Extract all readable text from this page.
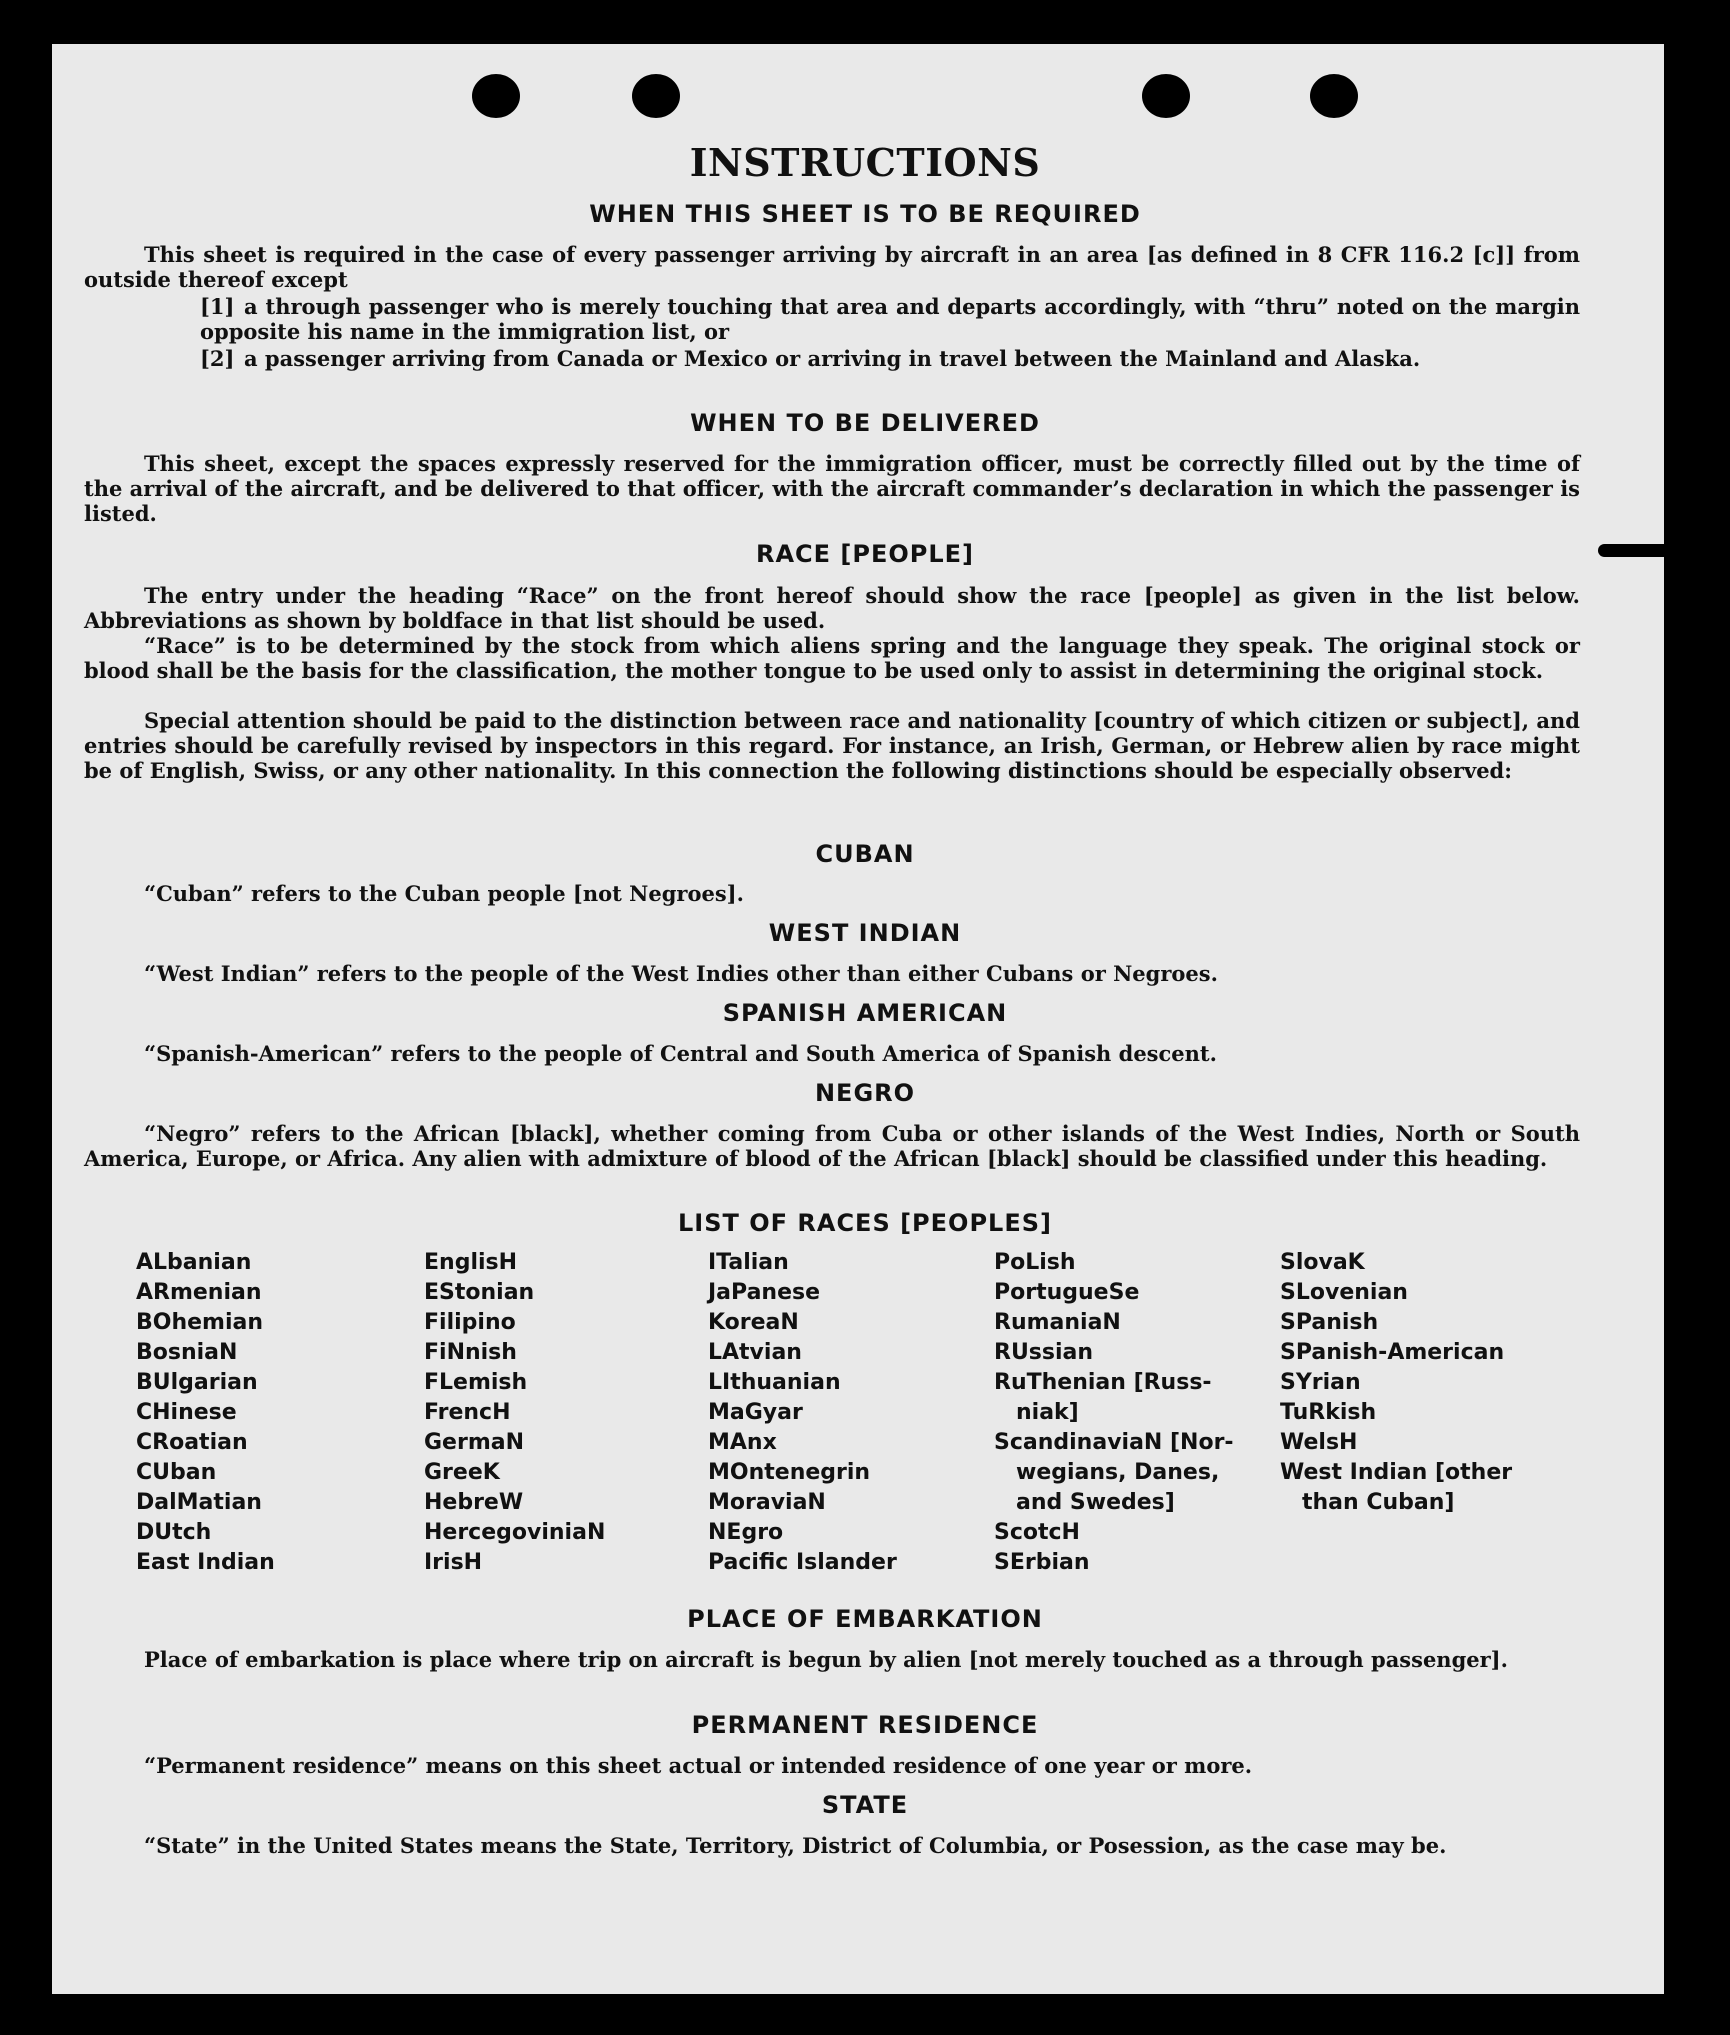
INSTRUCTIONS
WHEN THIS SHEET IS TO BE REQUIRED

This sheet is required in the case of every passenger arriving by aircraft in an area [as defined in 8 CFR 116.2 [c]] from outside thereof except

[1] a through passenger who is merely touching that area and departs accordingly, with “thru” noted on the margin opposite his name in the immigration list, or

[2] a passenger arriving from Canada or Mexico or arriving in travel between the Mainland and Alaska.

WHEN TO BE DELIVERED

This sheet, except the spaces expressly reserved for the immigration officer, must be correctly filled out by the time of the arrival of the aircraft, and be delivered to that officer, with the aircraft commander’s declaration in which the passenger is listed.

RACE [PEOPLE]

The entry under the heading “Race” on the front hereof should show the race [people] as given in the list below. Abbreviations as shown by boldface in that list should be used.

“Race” is to be determined by the stock from which aliens spring and the language they speak. The original stock or blood shall be the basis for the classification, the mother tongue to be used only to assist in determining the original stock.

Special attention should be paid to the distinction between race and nationality [country of which citizen or subject], and entries should be carefully revised by inspectors in this regard. For instance, an Irish, German, or Hebrew alien by race might be of English, Swiss, or any other nationality. In this connection the following distinctions should be especially observed:

CUBAN

“Cuban” refers to the Cuban people [not Negroes].

WEST INDIAN

“West Indian” refers to the people of the West Indies other than either Cubans or Negroes.

SPANISH AMERICAN

“Spanish-American” refers to the people of Central and South America of Spanish descent.

NEGRO

“Negro” refers to the African [black], whether coming from Cuba or other islands of the West Indies, North or South America, Europe, or Africa. Any alien with admixture of blood of the African [black] should be classified under this heading.

LIST OF RACES [PEOPLES]
ALbanian
ARmenian
BOhemian
BosniaN
BUlgarian
CHinese
CRoatian
CUban
DalMatian
DUtch
East Indian
EnglisH
EStonian
Filipino
FiNnish
FLemish
FrencH
GermaN
GreeK
HebreW
HercegoviniaN
IrisH
ITalian
JaPanese
KoreaN
LAtvian
LIthuanian
MaGyar
MAnx
MOntenegrin
MoraviaN
NEgro
Pacific Islander
PoLish
PortugueSe
RumaniaN
RUssian
RuThenian [Russ-
niak]
ScandinaviaN [Nor-
wegians, Danes,
and Swedes]
ScotcH
SErbian
SlovaK
SLovenian
SPanish
SPanish-American
SYrian
TuRkish
WelsH
West Indian [other
than Cuban]
PLACE OF EMBARKATION

Place of embarkation is place where trip on aircraft is begun by alien [not merely touched as a through passenger].

PERMANENT RESIDENCE

“Permanent residence” means on this sheet actual or intended residence of one year or more.

STATE

“State” in the United States means the State, Territory, District of Columbia, or Posession, as the case may be.
